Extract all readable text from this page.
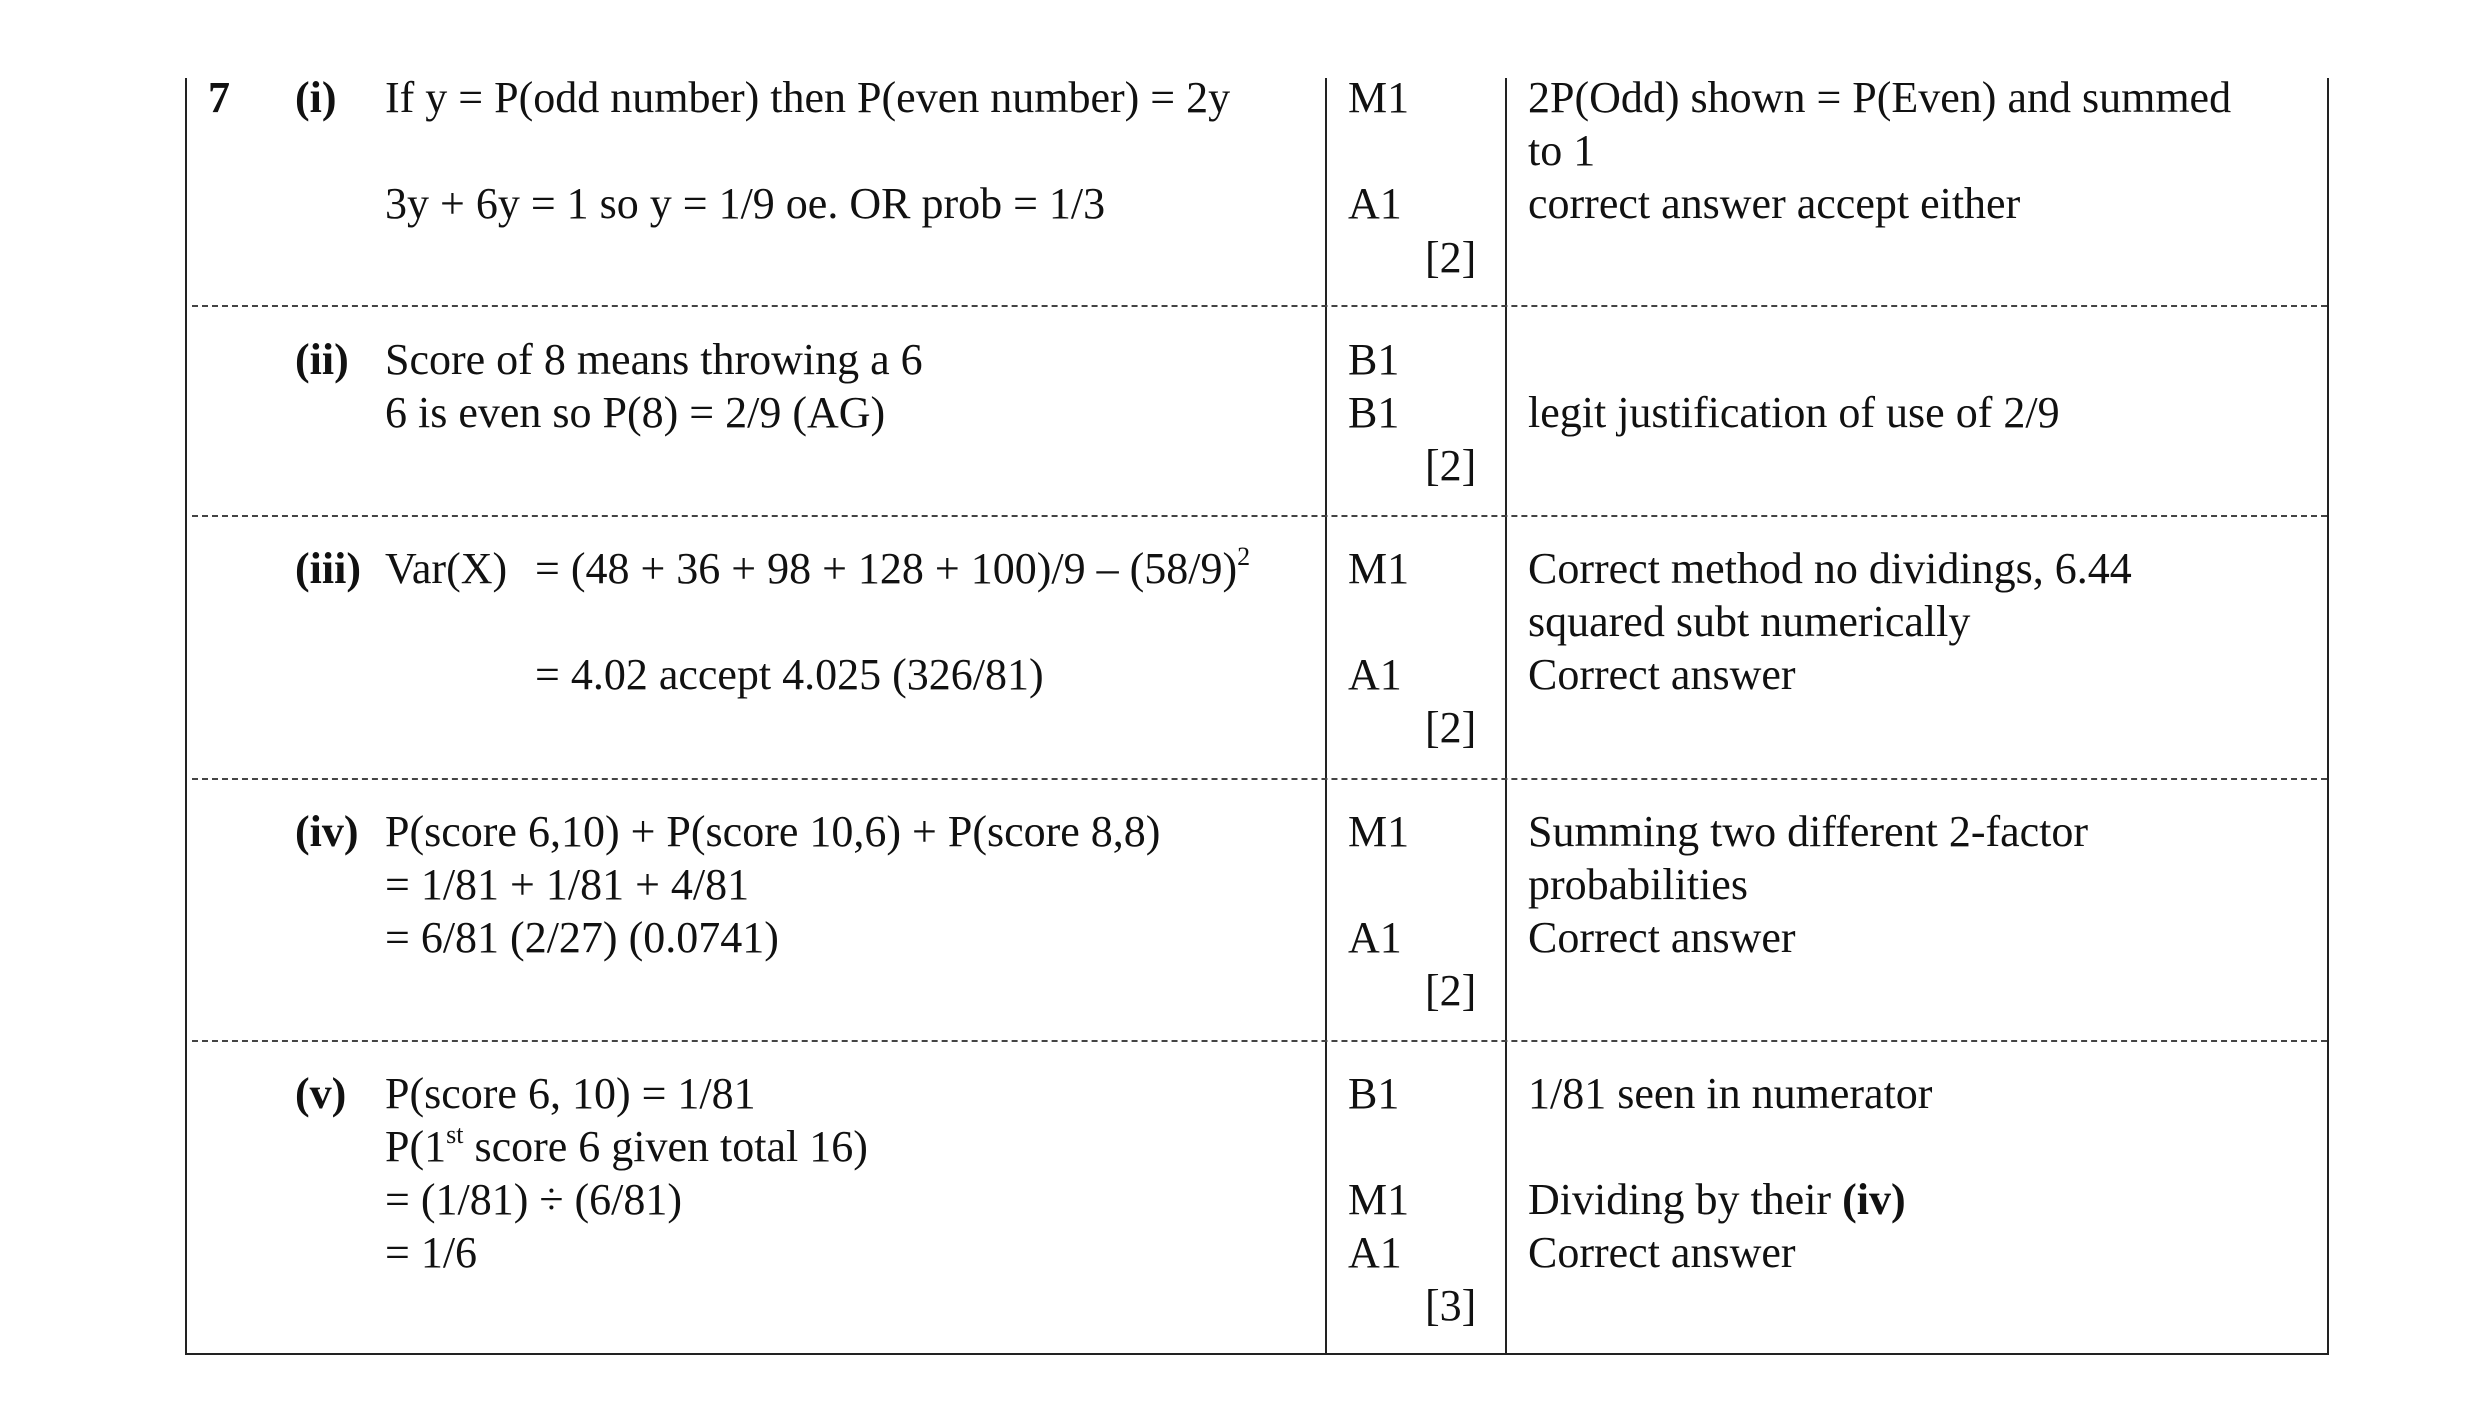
7 (i) If y = P(odd number) then P(even number) = 2y
3y + 6y = 1 so y = 1/9 oe. OR prob = 1/3
M1
A1
[2]
2P(Odd) shown = P(Even) and summed
to 1
correct answer accept either
(ii) Score of 8 means throwing a 6
6 is even so P(8) = 2/9 (AG)
B1
B1
[2]
legit justification of use of 2/9
(iii) $Var(X) = (48 + 36 + 98 + 128 + 100)/9 - (58/9)^2$
= 4.02 accept 4.025 (326/81)
M1
A1
[2]
Correct method no dividings, 6.44
squared subt numerically
Correct answer
(iv) P(score 6,10) + P(score 10,6) + P(score 8,8)
= 1/81 + 1/81 + 4/81
= 6/81 (2/27) (0.0741)
M1
A1
[2]
Summing two different 2-factor
probabilities
Correct answer
(v) P(score 6, 10) = 1/81
P(1st score 6 given total 16)
= (1/81) ÷ (6/81)
= 1/6
B1
M1
A1
[3]
1/81 seen in numerator
Dividing by their (iv)
Correct answer
